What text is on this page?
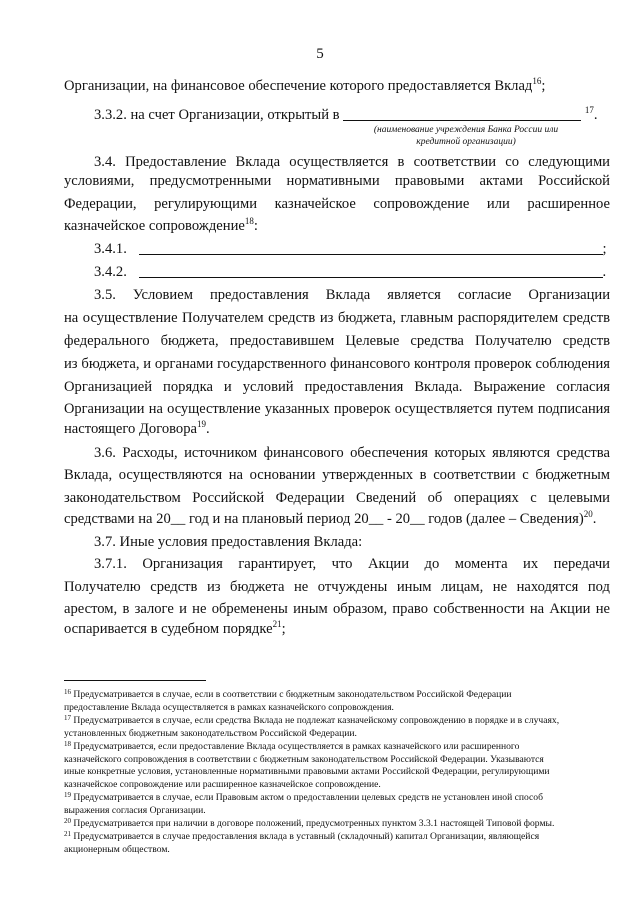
5
Организации, на финансовое обеспечение которого предоставляется Вклад$^{16}$;
3.3.2. на счет Организации, открытый в	$^{17}$.
(наименование учреждения Банка России или
кредитной организации)
3.4. Предоставление Вклада осуществляется в соответствии со следующими
условиями, предусмотренными нормативными правовыми актами Российской
Федерации, регулирующими казначейское сопровождение или расширенное
казначейское сопровождение$^{18}$:
3.4.1.	;
3.4.2.	.
3.5. Условием предоставления Вклада является согласие Организации
на осуществление Получателем средств из бюджета, главным распорядителем средств
федерального бюджета, предоставившем Целевые средства Получателю средств
из бюджета, и органами государственного финансового контроля проверок соблюдения
Организацией порядка и условий предоставления Вклада. Выражение согласия
Организации на осуществление указанных проверок осуществляется путем подписания
настоящего Договора$^{19}$.
3.6. Расходы, источником финансового обеспечения которых являются средства
Вклада, осуществляются на основании утвержденных в соответствии с бюджетным
законодательством Российской Федерации Сведений об операциях с целевыми
средствами на 20__ год и на плановый период 20__ - 20__ годов (далее – Сведения)$^{20}$.
3.7. Иные условия предоставления Вклада:
3.7.1. Организация гарантирует, что Акции до момента их передачи
Получателю средств из бюджета не отчуждены иным лицам, не находятся под
арестом, в залоге и не обременены иным образом, право собственности на Акции не
оспаривается в судебном порядке$^{21}$;
$^{16}$ Предусматривается в случае, если в соответствии с бюджетным законодательством Российской Федерации
предоставление Вклада осуществляется в рамках казначейского сопровождения.
$^{17}$ Предусматривается в случае, если средства Вклада не подлежат казначейскому сопровождению в порядке и в случаях,
установленных бюджетным законодательством Российской Федерации.
$^{18}$ Предусматривается, если предоставление Вклада осуществляется в рамках казначейского или расширенного
казначейского сопровождения в соответствии с бюджетным законодательством Российской Федерации. Указываются
иные конкретные условия, установленные нормативными правовыми актами Российской Федерации, регулирующими
казначейское сопровождение или расширенное казначейское сопровождение.
$^{19}$ Предусматривается в случае, если Правовым актом о предоставлении целевых средств не установлен иной способ
выражения согласия Организации.
$^{20}$ Предусматривается при наличии в договоре положений, предусмотренных пунктом 3.3.1 настоящей Типовой формы.
$^{21}$ Предусматривается в случае предоставления вклада в уставный (складочный) капитал Организации, являющейся
акционерным обществом.
